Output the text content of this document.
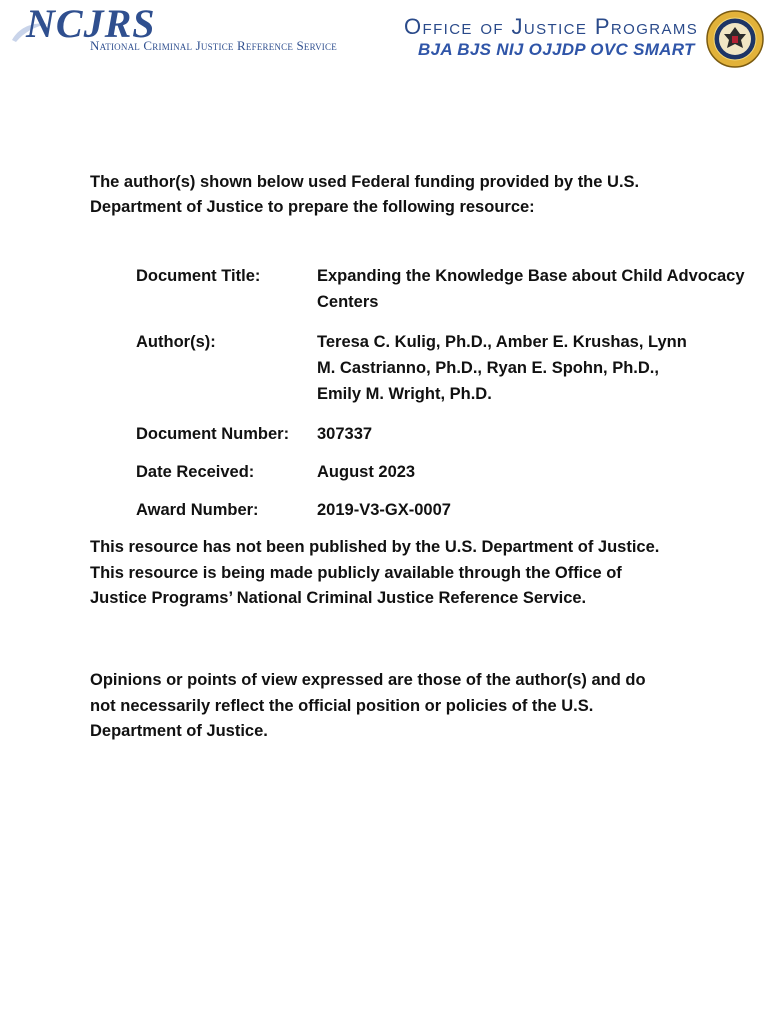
NCJRS
National Criminal Justice Reference Service
Office of Justice Programs
BJA BJS NIJ OJJDP OVC SMART
The author(s) shown below used Federal funding provided by the U.S. Department of Justice to prepare the following resource:
Document Title:	Expanding the Knowledge Base about Child Advocacy Centers
Author(s):	Teresa C. Kulig, Ph.D., Amber E. Krushas, Lynn M. Castrianno, Ph.D., Ryan E. Spohn, Ph.D., Emily M. Wright, Ph.D.
Document Number: 307337
Date Received:	August 2023
Award Number:	2019-V3-GX-0007
This resource has not been published by the U.S. Department of Justice. This resource is being made publicly available through the Office of Justice Programs’ National Criminal Justice Reference Service.
Opinions or points of view expressed are those of the author(s) and do not necessarily reflect the official position or policies of the U.S. Department of Justice.
